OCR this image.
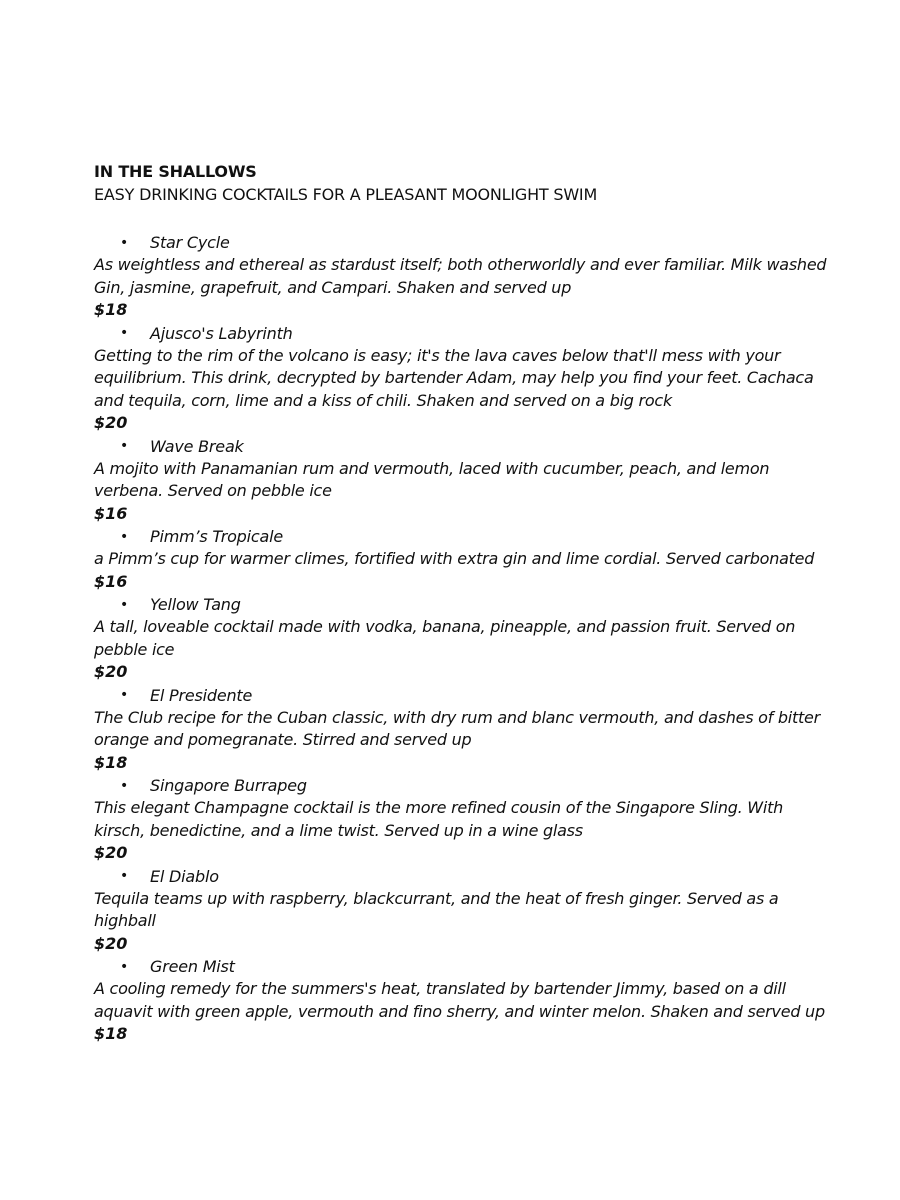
IN THE SHALLOWS

EASY DRINKING COCKTAILS FOR A PLEASANT MOONLIGHT SWIM

•	Star Cycle

As weightless and ethereal as stardust itself; both otherworldly and ever familiar. Milk washed Gin, jasmine, grapefruit, and Campari. Shaken and served up

$18

•	Ajusco's Labyrinth

Getting to the rim of the volcano is easy; it's the lava caves below that'll mess with your equilibrium. This drink, decrypted by bartender Adam, may help you find your feet. Cachaca and tequila, corn, lime and a kiss of chili. Shaken and served on a big rock

$20

•	Wave Break

A mojito with Panamanian rum and vermouth, laced with cucumber, peach, and lemon verbena. Served on pebble ice

$16

•	Pimm’s Tropicale

a Pimm’s cup for warmer climes, fortified with extra gin and lime cordial. Served carbonated

$16

•	Yellow Tang

A tall, loveable cocktail made with vodka, banana, pineapple, and passion fruit. Served on pebble ice

$20

•	El Presidente

The Club recipe for the Cuban classic, with dry rum and blanc vermouth, and dashes of bitter orange and pomegranate. Stirred and served up

$18

•	Singapore Burrapeg

This elegant Champagne cocktail is the more refined cousin of the Singapore Sling. With kirsch, benedictine, and a lime twist. Served up in a wine glass

$20

•	El Diablo

Tequila teams up with raspberry, blackcurrant, and the heat of fresh ginger. Served as a highball

$20

•	Green Mist

A cooling remedy for the summers's heat, translated by bartender Jimmy, based on a dill aquavit with green apple, vermouth and fino sherry, and winter melon. Shaken and served up

$18
